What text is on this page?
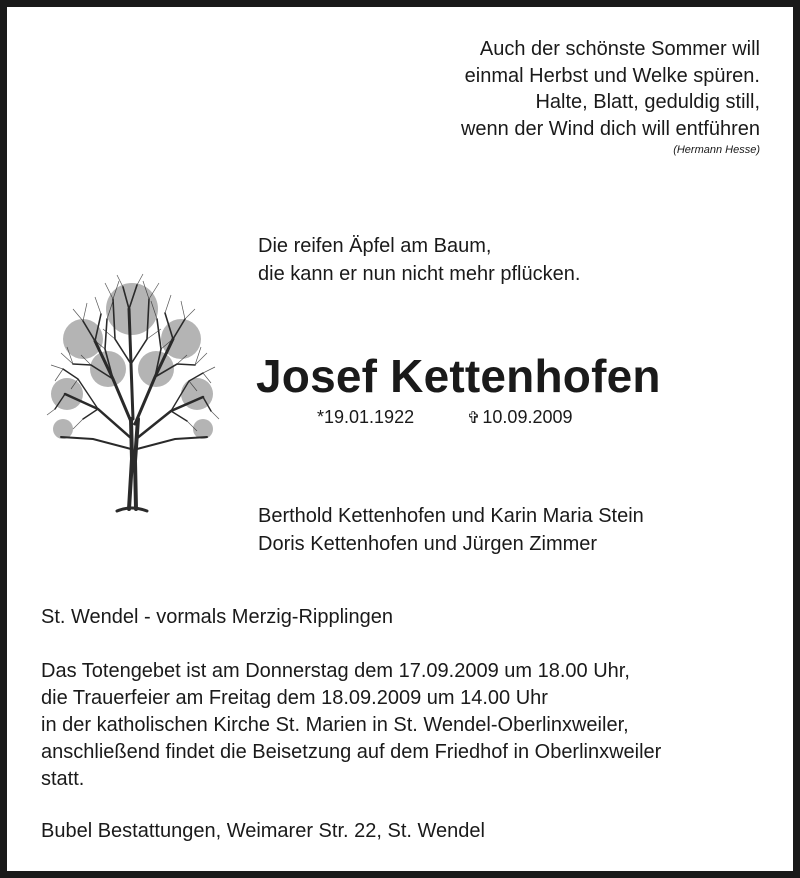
Auch der schönste Sommer will
einmal Herbst und Welke spüren.
Halte, Blatt, geduldig still,
wenn der Wind dich will entführen
(Hermann Hesse)
Die reifen Äpfel am Baum,
die kann er nun nicht mehr pflücken.
Josef Kettenhofen
*19.01.1922	✞ 10.09.2009
Berthold Kettenhofen und Karin Maria Stein
Doris Kettenhofen und Jürgen Zimmer
St. Wendel - vormals Merzig-Ripplingen
Das Totengebet ist am Donnerstag dem 17.09.2009 um 18.00 Uhr,
die Trauerfeier am Freitag dem 18.09.2009 um 14.00 Uhr
in der katholischen Kirche St. Marien in St. Wendel-Oberlinxweiler,
anschließend findet die Beisetzung auf dem Friedhof in Oberlinxweiler
statt.
Bubel Bestattungen, Weimarer Str. 22, St. Wendel
